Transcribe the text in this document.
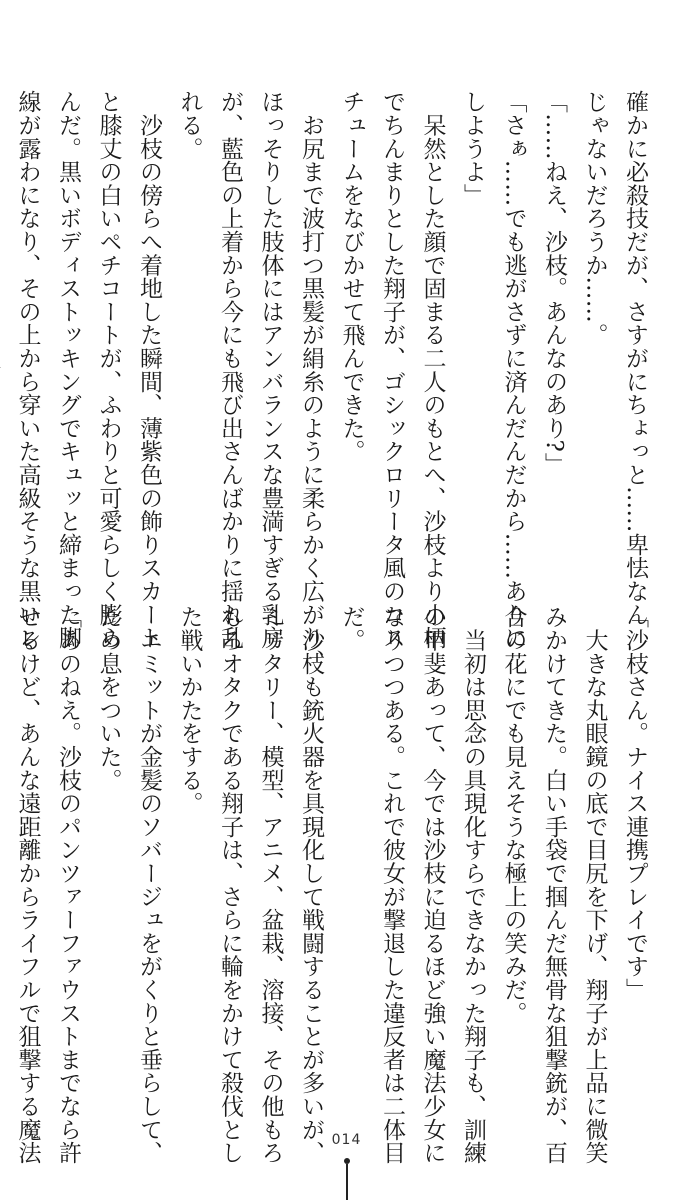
確かに必殺技だが、さすがにちょっと……卑怯なん
じゃないだろうか……。
「……ねえ、沙枝。あんなのあり?」
「さぁ……でも逃がさずに済んだんだから……ありに
しようよ」
　呆然とした顔で固まる二人のもとへ、沙枝より小柄
でちんまりとした翔子が、ゴシックロリータ風のコス
チュームをなびかせて飛んできた。
　お尻まで波打つ黒髪が絹糸のように柔らかく広がり、
ほっそりした肢体にはアンバランスな豊満すぎる乳房
が、藍色の上着から今にも飛び出さんばかりに揺れ乱
れる。
　沙枝の傍らへ着地した瞬間、薄紫色の飾りスカート
と膝丈の白いペチコートが、ふわりと可愛らしく膨ら
んだ。黒いボディストッキングでキュッと締まった脚
線が露わになり、その上から穿いた高級そうな黒いレ
「沙枝さん。ナイス連携プレイです」
　大きな丸眼鏡の底で目尻を下げ、翔子が上品に微笑
みかけてきた。白い手袋で掴んだ無骨な狙撃銃が、百
合の花にでも見えそうな極上の笑みだ。
　当初は思念の具現化すらできなかった翔子も、訓練
の甲斐あって、今では沙枝に迫るほど強い魔法少女に
なりつつある。これで彼女が撃退した違反者は二体目
だ。
　沙枝も銃火器を具現化して戦闘することが多いが、
ミリタリー、模型、アニメ、盆栽、溶接、その他もろ
もろオタクである翔子は、さらに輪をかけて殺伐とし
た戦いかたをする。
　エミットが金髪のソバージュをがくりと垂らして、
ため息をついた。
「あのねえ。沙枝のパンツァーファウストまでなら許
せるけど、あんな遠距離からライフルで狙撃する魔法	014
